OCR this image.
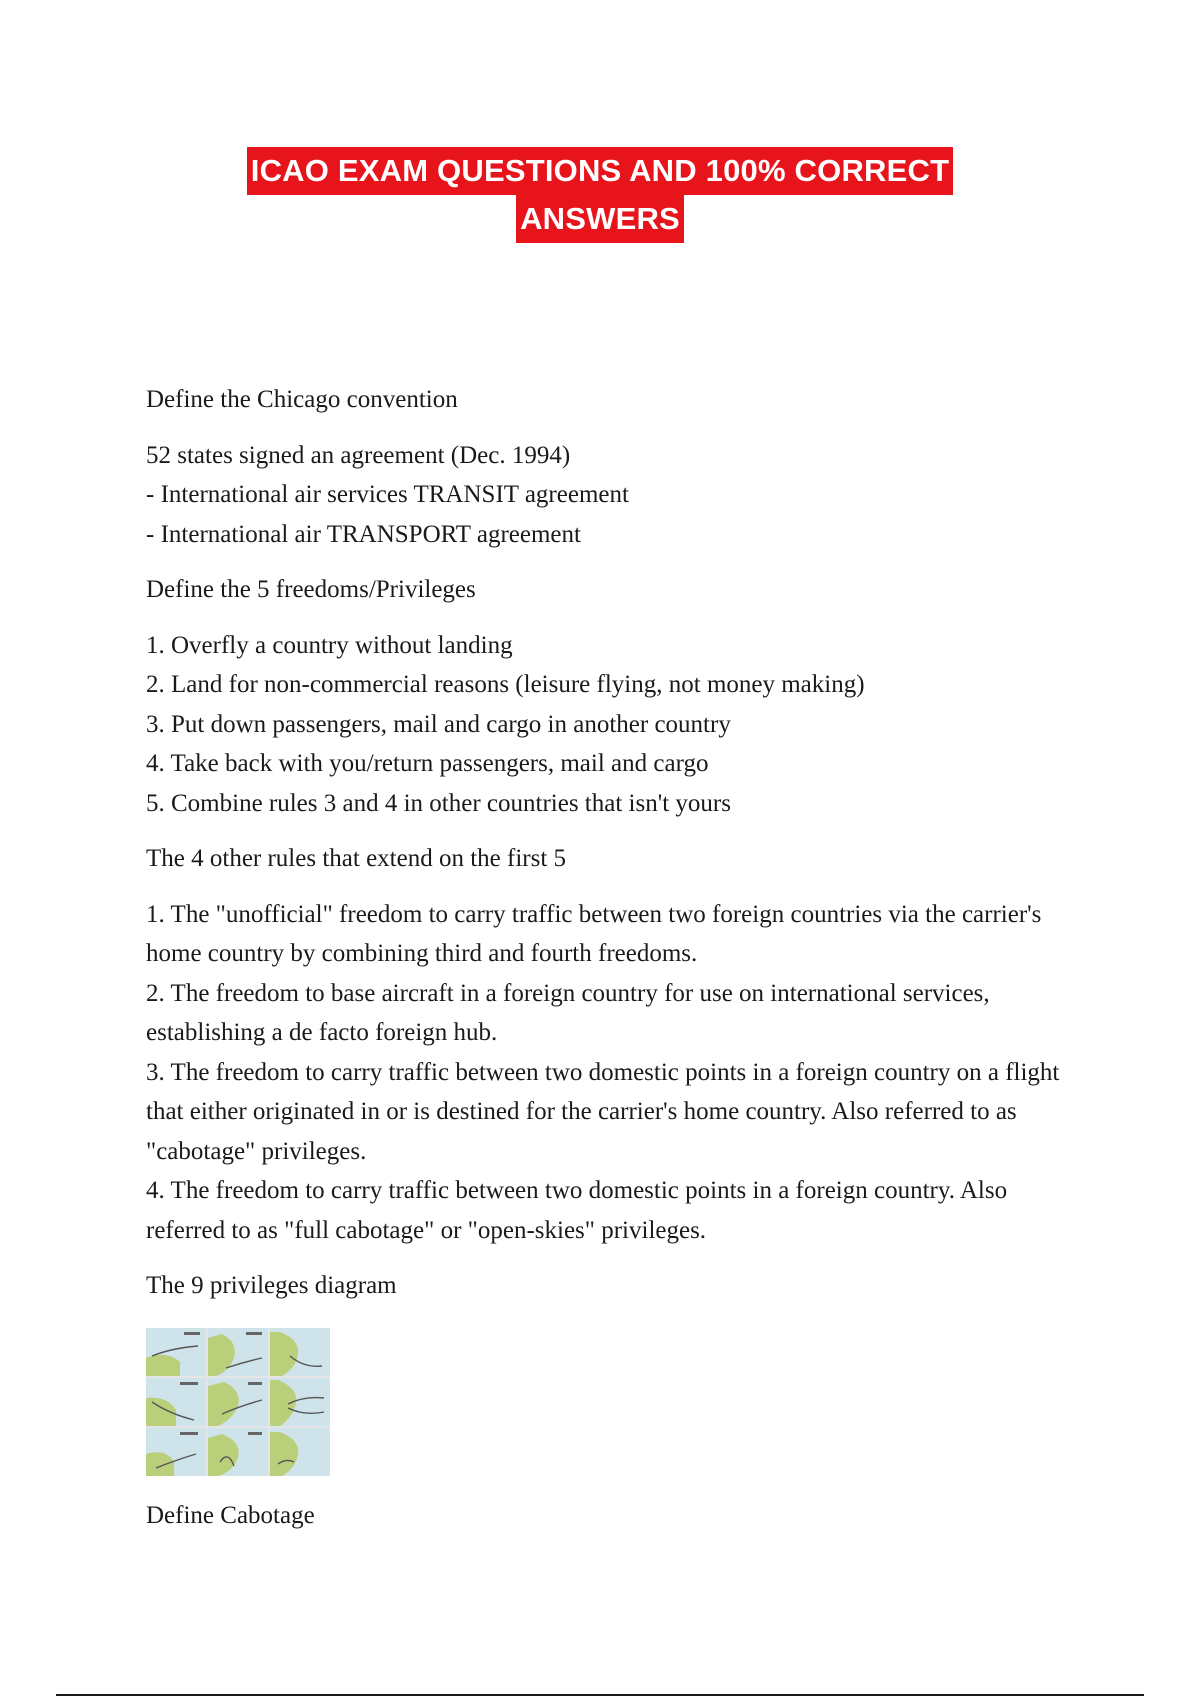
ICAO EXAM QUESTIONS AND 100% CORRECT
ANSWERS

Define the Chicago convention

52 states signed an agreement (Dec. 1994)
- International air services TRANSIT agreement
- International air TRANSPORT agreement

Define the 5 freedoms/Privileges

1. Overfly a country without landing
2. Land for non-commercial reasons (leisure flying, not money making)
3. Put down passengers, mail and cargo in another country
4. Take back with you/return passengers, mail and cargo
5. Combine rules 3 and 4 in other countries that isn't yours

The 4 other rules that extend on the first 5

1. The "unofficial" freedom to carry traffic between two foreign countries via the carrier's home country by combining third and fourth freedoms.
2. The freedom to base aircraft in a foreign country for use on international services, establishing a de facto foreign hub.
3. The freedom to carry traffic between two domestic points in a foreign country on a flight that either originated in or is destined for the carrier's home country. Also referred to as "cabotage" privileges.
4. The freedom to carry traffic between two domestic points in a foreign country. Also referred to as "full cabotage" or "open-skies" privileges.

The 9 privileges diagram

Define Cabotage
